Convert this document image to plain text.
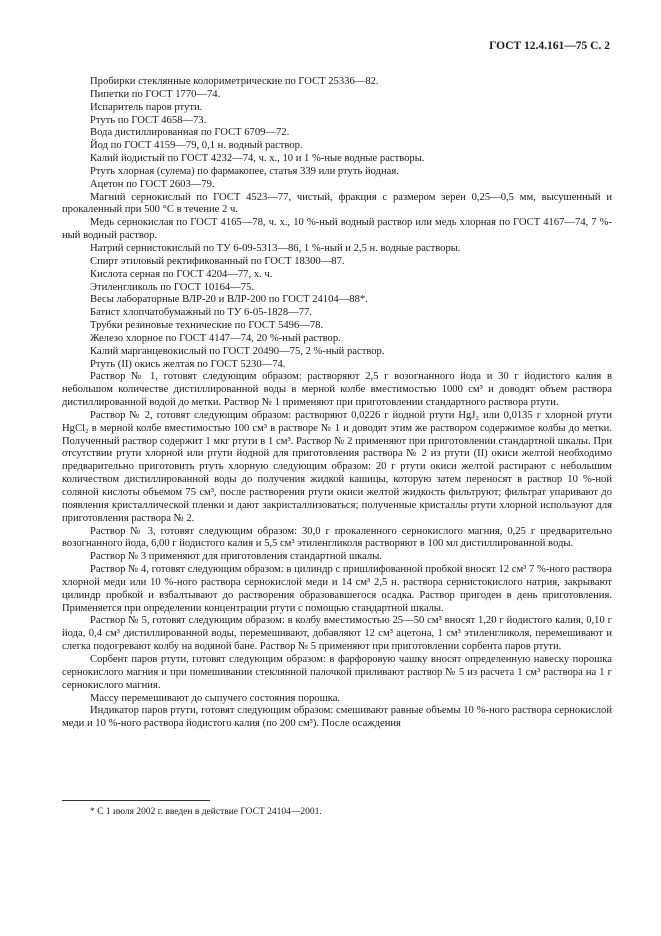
ГОСТ 12.4.161—75 С. 2

Пробирки стеклянные колориметрические по ГОСТ 25336—82.

Пипетки по ГОСТ 1770—74.

Испаритель паров ртути.

Ртуть по ГОСТ 4658—73.

Вода дистиллированная по ГОСТ 6709—72.

Йод по ГОСТ 4159—79, 0,1 н. водный раствор.

Калий йодистый по ГОСТ 4232—74, ч. х., 10 и 1 %-ные водные растворы.

Ртуть хлорная (сулема) по фармакопее, статья 339 или ртуть йодная.

Ацетон по ГОСТ 2603—79.

Магний сернокислый по ГОСТ 4523—77, чистый, фракция с размером зерен 0,25—0,5 мм, высушенный и прокаленный при 500 °С в течение 2 ч.

Медь сернокислая по ГОСТ 4165—78, ч. х., 10 %-ный водный раствор или медь хлорная по ГОСТ 4167—74, 7 %-ный водный раствор.

Натрий сернистокислый по ТУ 6-09-5313—86, 1 %-ный и 2,5 н. водные растворы.

Спирт этиловый ректификованный по ГОСТ 18300—87.

Кислота серная по ГОСТ 4204—77, х. ч.

Этиленгликоль по ГОСТ 10164—75.

Весы лабораторные ВЛР-20 и ВЛР-200 по ГОСТ 24104—88*.

Батист хлопчатобумажный по ТУ 6-05-1828—77.

Трубки резиновые технические по ГОСТ 5496—78.

Железо хлорное по ГОСТ 4147—74, 20 %-ный раствор.

Калий марганцевокислый по ГОСТ 20490—75, 2 %-ный раствор.

Ртуть (II) окись желтая по ГОСТ 5230—74.

Раствор № 1, готовят следующим образом: растворяют 2,5 г возогнанного йода и 30 г йодистого калия в небольшом количестве дистиллированной воды в мерной колбе вместимостью 1000 см³ и доводят объем раствора дистиллированной водой до метки. Раствор № 1 применяют при приготовлении стандартного раствора ртути.

Раствор № 2, готовят следующим образом: растворяют 0,0226 г йодной ртути HgJ₂ или 0,0135 г хлорной ртути HgCl₂ в мерной колбе вместимостью 100 см³ в растворе № 1 и доводят этим же раствором содержимое колбы до метки. Полученный раствор содержит 1 мкг ртути в 1 см³. Раствор № 2 применяют при приготовлении стандартной шкалы. При отсутствии ртути хлорной или ртути йодной для приготовления раствора № 2 из ртути (II) окиси желтой необходимо предварительно приготовить ртуть хлорную следующим образом: 20 г ртути окиси желтой растирают с небольшим количеством дистиллированной воды до получения жидкой кашицы, которую затем переносят в раствор 10 %-ной соляной кислоты объемом 75 см³, после растворения ртути окиси желтой жидкость фильтруют; фильтрат упаривают до появления кристаллической пленки и дают закристаллизоваться; полученные кристаллы ртути хлорной используют для приготовления раствора № 2.

Раствор № 3, готовят следующим образом: 30,0 г прокаленного сернокислого магния, 0,25 г предварительно возогнанного йода, 6,00 г йодистого калия и 5,5 см³ этиленгликоля растворяют в 100 мл дистиллированной воды.

Раствор № 3 применяют для приготовления стандартной шкалы.

Раствор № 4, готовят следующим образом: в цилиндр с пришлифованной пробкой вносят 12 см³ 7 %-ного раствора хлорной меди или 10 %-ного раствора сернокислой меди и 14 см³ 2,5 н. раствора сернистокислого натрия, закрывают цилиндр пробкой и взбалтывают до растворения образовавшегося осадка. Раствор пригоден в день приготовления. Применяется при определении концентрации ртути с помощью стандартной шкалы.

Раствор № 5, готовят следующим образом: в колбу вместимостью 25—50 см³ вносят 1,20 г йодистого калия, 0,10 г йода, 0,4 см³ дистиллированной воды, перемешивают, добавляют 12 см³ ацетона, 1 см³ этиленгликоля, перемешивают и слегка подогревают колбу на водяной бане. Раствор № 5 применяют при приготовлении сорбента паров ртути.

Сорбент паров ртути, готовят следующим образом: в фарфоровую чашку вносят определенную навеску порошка сернокислого магния и при помешивании стеклянной палочкой приливают раствор № 5 из расчета 1 см³ раствора на 1 г сернокислого магния.

Массу перемешивают до сыпучего состояния порошка.

Индикатор паров ртути, готовят следующим образом: смешивают равные объемы 10 %-ного раствора сернокислой меди и 10 %-ного раствора йодистого калия (по 200 см³). После осаждения

* С 1 июля 2002 г. введен в действие ГОСТ 24104—2001.
